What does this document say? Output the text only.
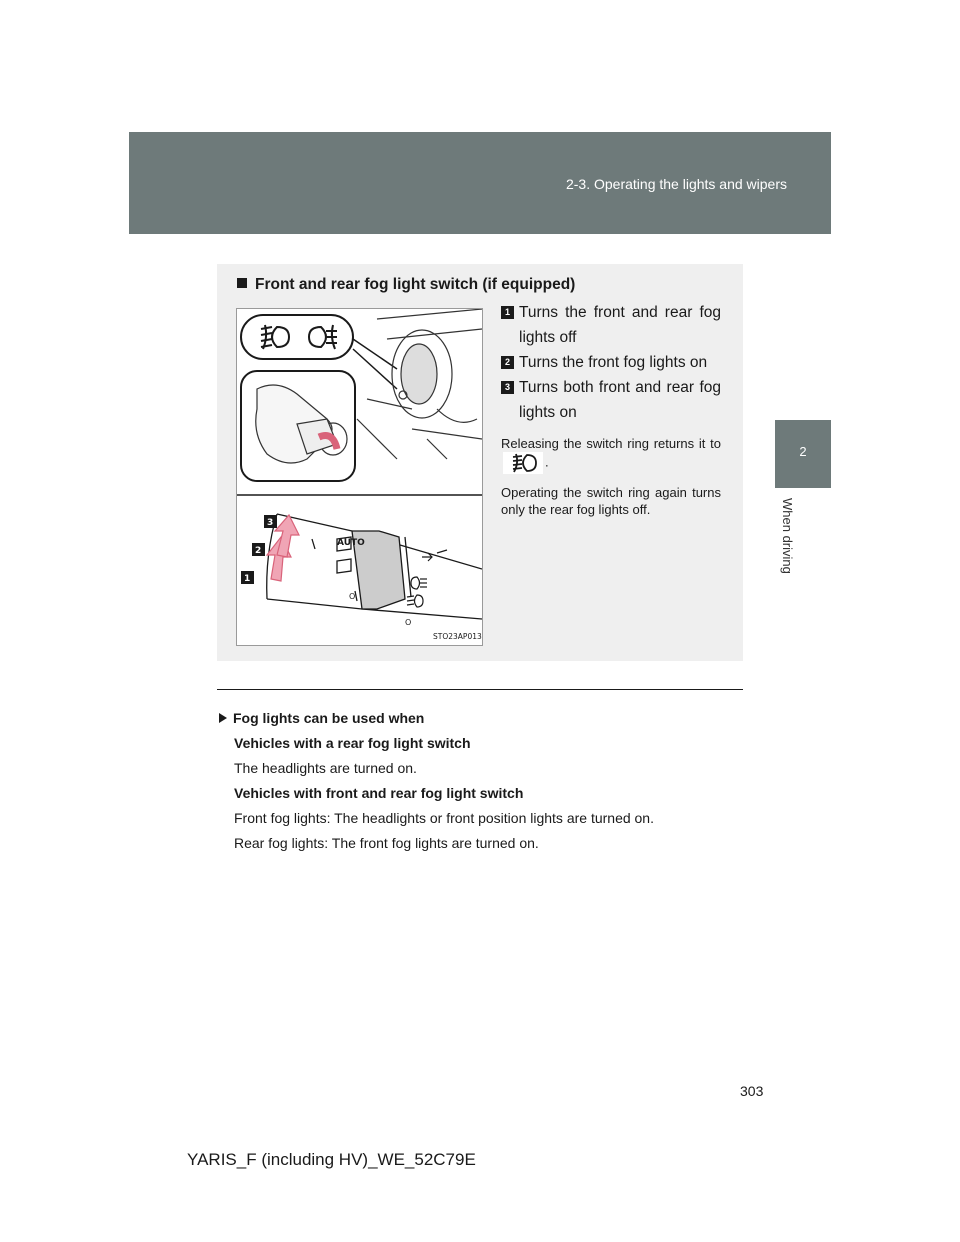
2-3. Operating the lights and wipers
2
When driving
Front and rear fog light switch (if equipped)
AUTO
O
O
3
2
1
STO23AP013
1 Turns the front and rear fog lights off
2 Turns the front fog lights on
3 Turns both front and rear fog lights on
Releasing the switch ring returns it to .
Operating the switch ring again turns only the rear fog lights off.
Fog lights can be used when
Vehicles with a rear fog light switch
The headlights are turned on.
Vehicles with front and rear fog light switch
Front fog lights: The headlights or front position lights are turned on.
Rear fog lights: The front fog lights are turned on.
303
YARIS_F (including HV)_WE_52C79E
